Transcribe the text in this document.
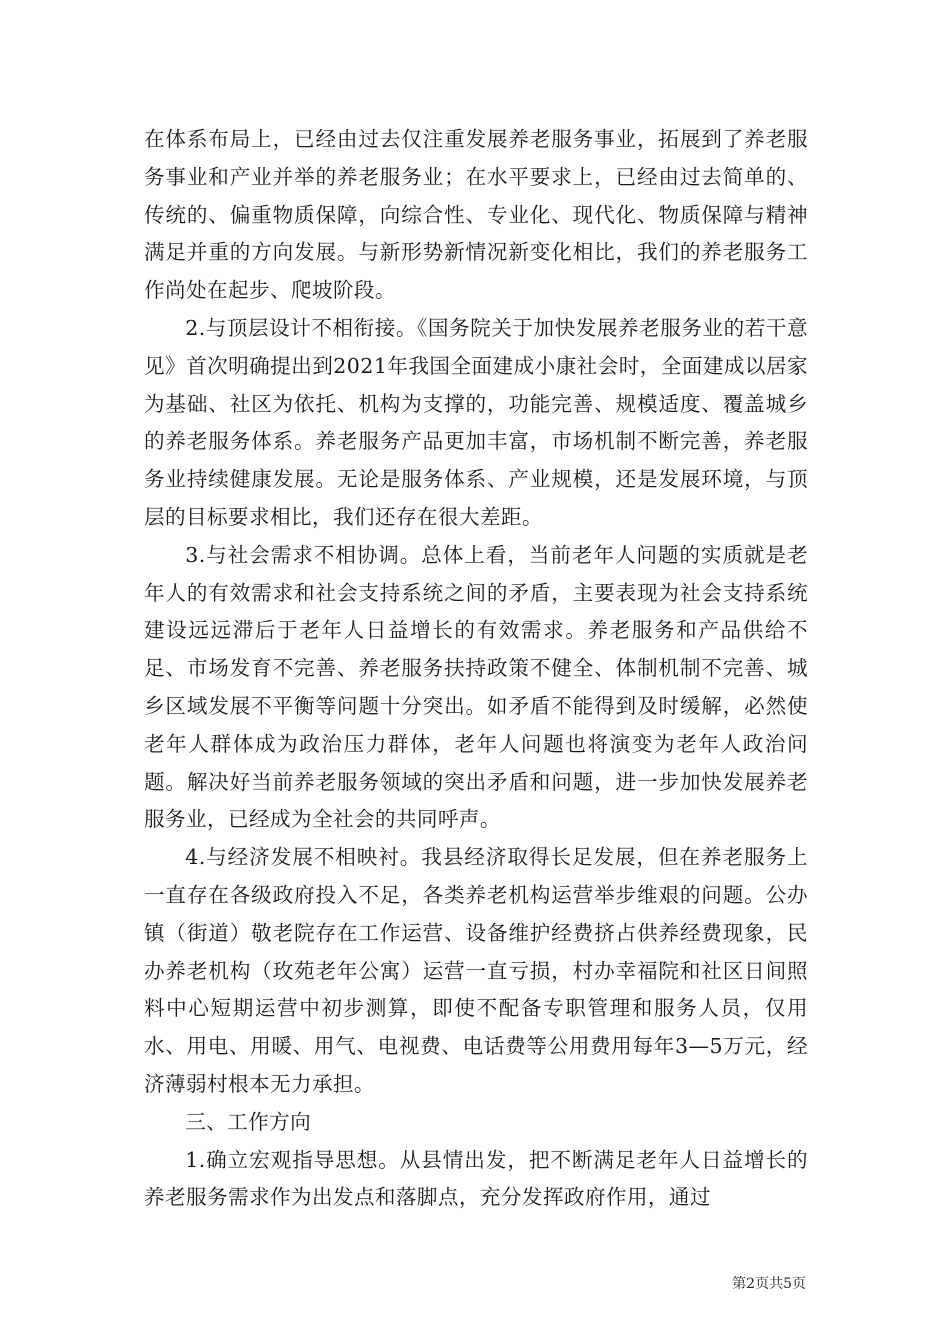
在体系布局上，已经由过去仅注重发展养老服务事业，拓展到了养老服务事业和产业并举的养老服务业；在水平要求上，已经由过去简单的、传统的、偏重物质保障，向综合性、专业化、现代化、物质保障与精神满足并重的方向发展。与新形势新情况新变化相比，我们的养老服务工作尚处在起步、爬坡阶段。

2.与顶层设计不相衔接。《国务院关于加快发展养老服务业的若干意见》首次明确提出到2021年我国全面建成小康社会时，全面建成以居家为基础、社区为依托、机构为支撑的，功能完善、规模适度、覆盖城乡的养老服务体系。养老服务产品更加丰富，市场机制不断完善，养老服务业持续健康发展。无论是服务体系、产业规模，还是发展环境，与顶层的目标要求相比，我们还存在很大差距。

3.与社会需求不相协调。总体上看，当前老年人问题的实质就是老年人的有效需求和社会支持系统之间的矛盾，主要表现为社会支持系统建设远远滞后于老年人日益增长的有效需求。养老服务和产品供给不足、市场发育不完善、养老服务扶持政策不健全、体制机制不完善、城乡区域发展不平衡等问题十分突出。如矛盾不能得到及时缓解，必然使老年人群体成为政治压力群体，老年人问题也将演变为老年人政治问题。解决好当前养老服务领域的突出矛盾和问题，进一步加快发展养老服务业，已经成为全社会的共同呼声。

4.与经济发展不相映衬。我县经济取得长足发展，但在养老服务上一直存在各级政府投入不足，各类养老机构运营举步维艰的问题。公办镇（街道）敬老院存在工作运营、设备维护经费挤占供养经费现象，民办养老机构（玫苑老年公寓）运营一直亏损，村办幸福院和社区日间照料中心短期运营中初步测算，即使不配备专职管理和服务人员，仅用水、用电、用暖、用气、电视费、电话费等公用费用每年3—5万元，经济薄弱村根本无力承担。

三、工作方向

1.确立宏观指导思想。从县情出发，把不断满足老年人日益增长的养老服务需求作为出发点和落脚点，充分发挥政府作用，通过

第2页共5页
